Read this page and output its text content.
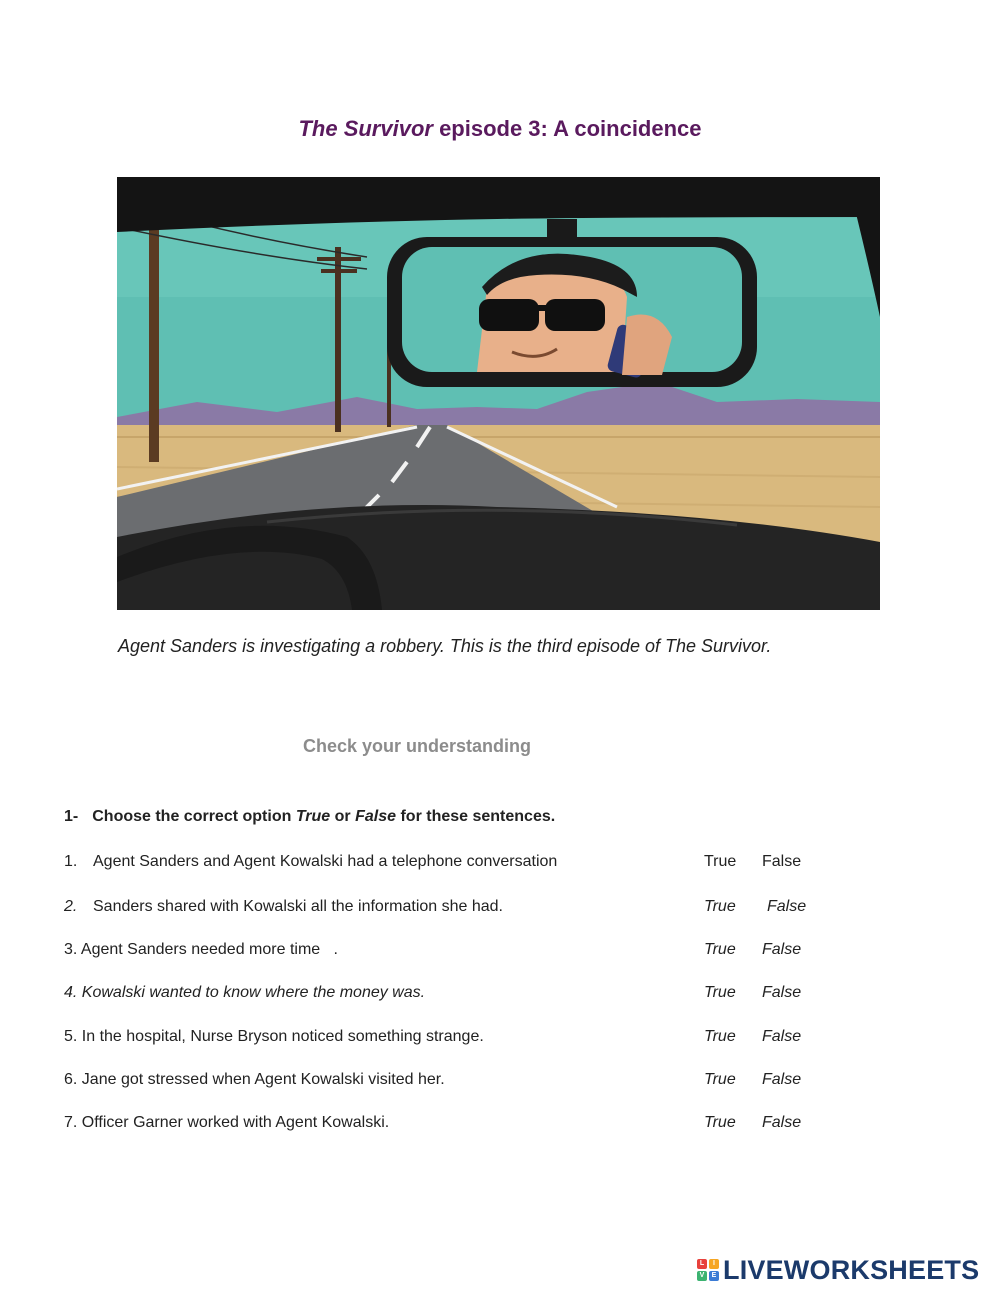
The Survivor episode 3: A coincidence
Agent Sanders is investigating a robbery. This is the third episode of The Survivor.
Check your understanding
1- Choose the correct option True or False for these sentences.
1. Agent Sanders and Agent Kowalski had a telephone conversation	True False
2. Sanders shared with Kowalski all the information she had.	True False
3. Agent Sanders needed more time   .	True False
4. Kowalski wanted to know where the money was.	True False
5. In the hospital, Nurse Bryson noticed something strange.	True False
6. Jane got stressed when Agent Kowalski visited her.	True False
7. Officer Garner worked with Agent Kowalski.	True False
L	I
V	E LIVEWORKSHEETS
